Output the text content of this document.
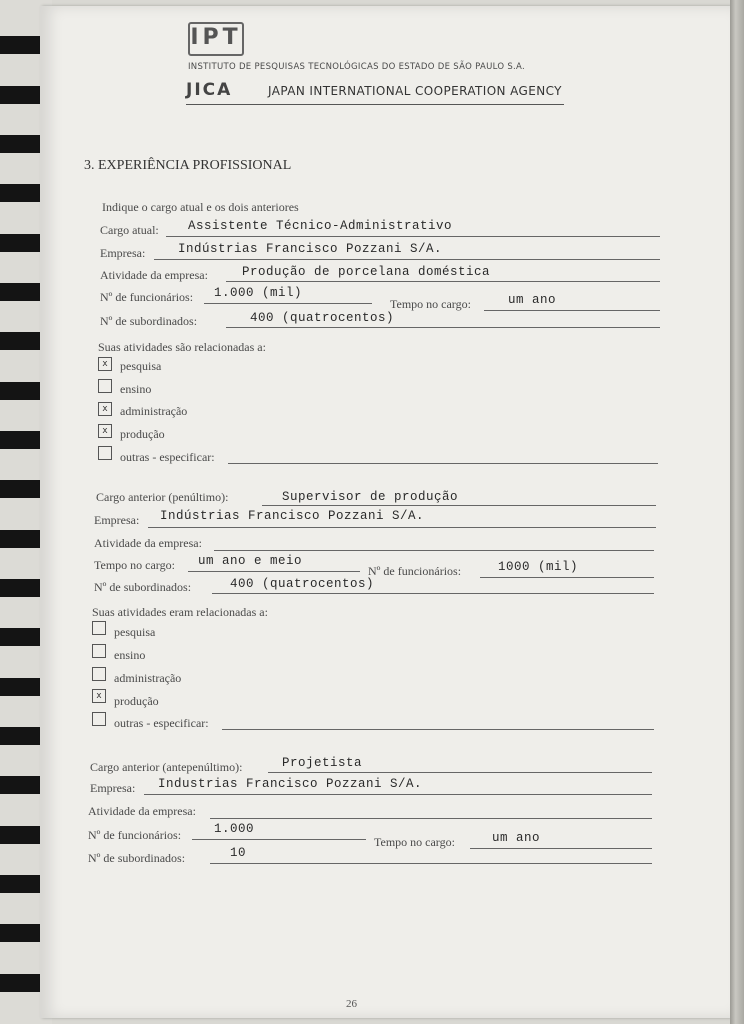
IPT
INSTITUTO DE PESQUISAS TECNOLÓGICAS DO ESTADO DE SÃO PAULO S.A.
JICA	JAPAN INTERNATIONAL COOPERATION AGENCY
3. EXPERIÊNCIA PROFISSIONAL
Indique o cargo atual e os dois anteriores
Cargo atual: Assistente Técnico-Administrativo
Empresa:	Indústrias Francisco Pozzani S/A.
Atividade da empresa:	Produção de porcelana doméstica
Nº de funcionários: 1.000 (mil)
Tempo no cargo:	um ano
Nº de subordinados:	400 (quatrocentos)
Suas atividades são relacionadas a:
x	pesquisa
ensino
x	administração
x	produção
outras - especificar:
Cargo anterior (penúltimo):	Supervisor de produção
Empresa: Indústrias Francisco Pozzani S/A.
Atividade da empresa:
Tempo no cargo: um ano e meio
Nº de funcionários:	1000 (mil)
Nº de subordinados:	400 (quatrocentos)
Suas atividades eram relacionadas a:
pesquisa
ensino
administração
x	produção
outras - especificar:
Cargo anterior (antepenúltimo):	Projetista
Empresa: Industrias Francisco Pozzani S/A.
Atividade da empresa:
Nº de funcionários:	1.000
Tempo no cargo:	um ano
Nº de subordinados:	10
26
